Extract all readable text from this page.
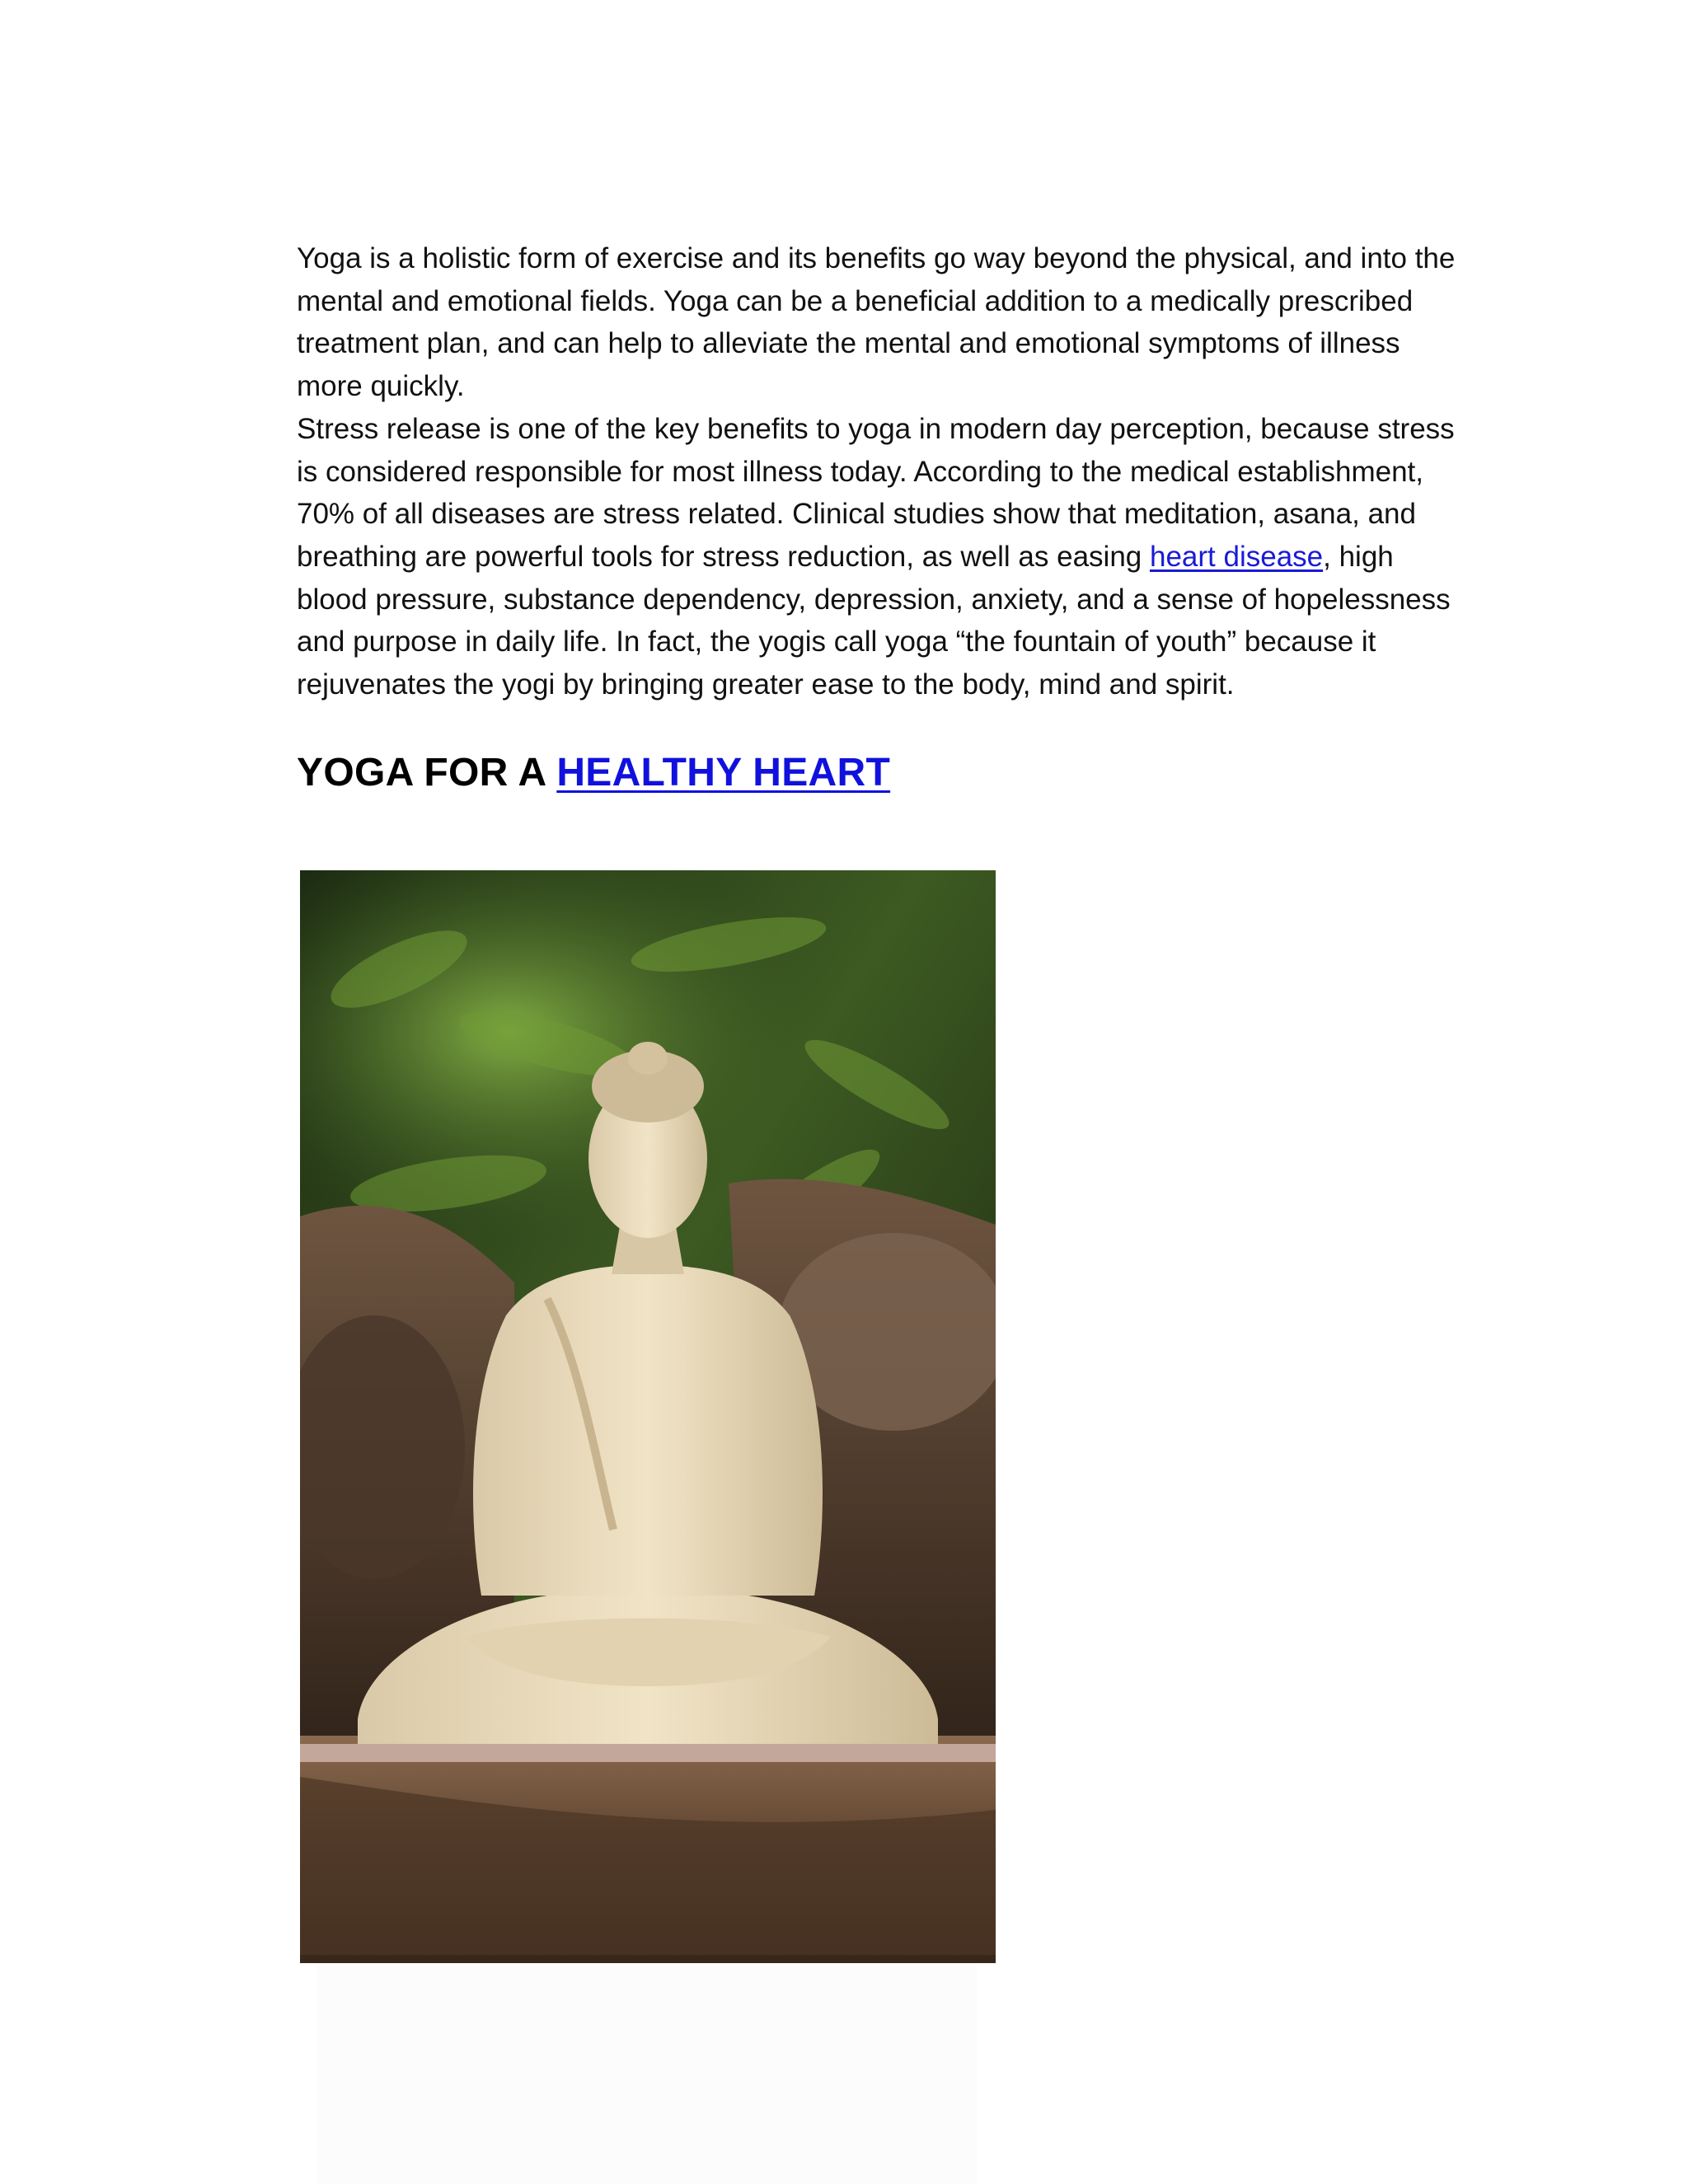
Yoga is a holistic form of exercise and its benefits go way beyond the physical, and into the mental and emotional fields. Yoga can be a beneficial addition to a medically prescribed treatment plan, and can help to alleviate the mental and emotional symptoms of illness more quickly.

Stress release is one of the key benefits to yoga in modern day perception, because stress is considered responsible for most illness today. According to the medical establishment, 70% of all diseases are stress related. Clinical studies show that meditation, asana, and breathing are powerful tools for stress reduction, as well as easing heart disease, high blood pressure, substance dependency, depression, anxiety, and a sense of hopelessness and purpose in daily life. In fact, the yogis call yoga “the fountain of youth” because it rejuvenates the yogi by bringing greater ease to the body, mind and spirit.

YOGA FOR A HEALTHY HEART
